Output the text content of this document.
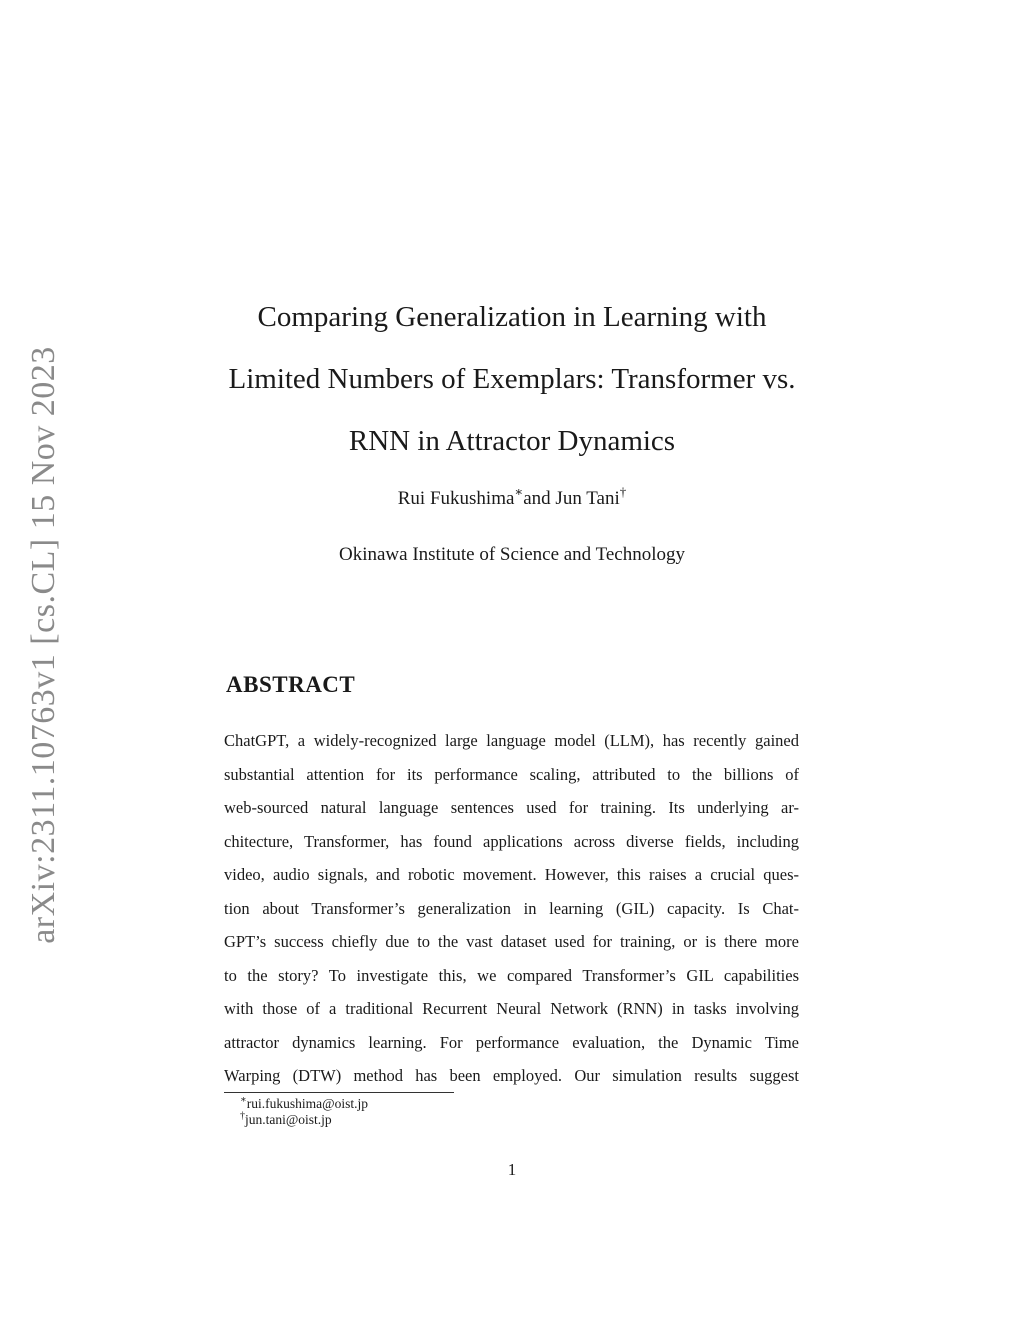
arXiv:2311.10763v1 [cs.CL] 15 Nov 2023
Comparing Generalization in Learning with
Limited Numbers of Exemplars: Transformer vs.
RNN in Attractor Dynamics
Rui Fukushima∗and Jun Tani†
Okinawa Institute of Science and Technology
ABSTRACT
ChatGPT, a widely-recognized large language model (LLM), has recently gained
substantial attention for its performance scaling, attributed to the billions of
web-sourced natural language sentences used for training. Its underlying ar-
chitecture, Transformer, has found applications across diverse fields, including
video, audio signals, and robotic movement. However, this raises a crucial ques-
tion about Transformer’s generalization in learning (GIL) capacity. Is Chat-
GPT’s success chiefly due to the vast dataset used for training, or is there more
to the story? To investigate this, we compared Transformer’s GIL capabilities
with those of a traditional Recurrent Neural Network (RNN) in tasks involving
attractor dynamics learning. For performance evaluation, the Dynamic Time
Warping (DTW) method has been employed. Our simulation results suggest
∗rui.fukushima@oist.jp
†jun.tani@oist.jp
1
